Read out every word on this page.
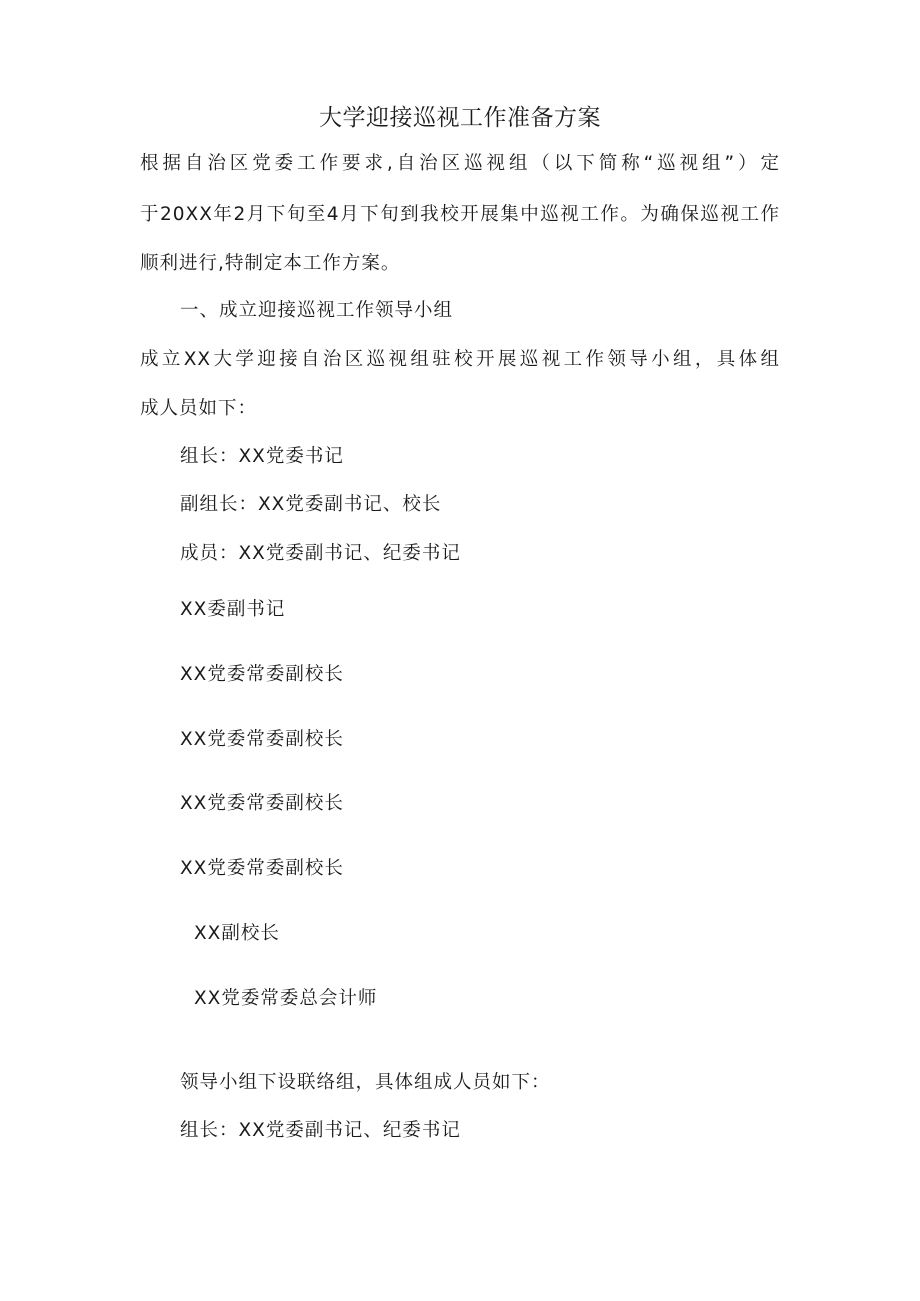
大学迎接巡视工作准备方案

根据自治区党委工作要求,自治区巡视组（以下简称“巡视组”）定

于20XX年2月下旬至4月下旬到我校开展集中巡视工作。为确保巡视工作

顺利进行,特制定本工作方案。

一、成立迎接巡视工作领导小组

成立XX大学迎接自治区巡视组驻校开展巡视工作领导小组，具体组

成人员如下：

组长：XX党委书记

副组长：XX党委副书记、校长

成员：XX党委副书记、纪委书记

XX委副书记

XX党委常委副校长

XX党委常委副校长

XX党委常委副校长

XX党委常委副校长

XX副校长

XX党委常委总会计师

领导小组下设联络组，具体组成人员如下：

组长：XX党委副书记、纪委书记
